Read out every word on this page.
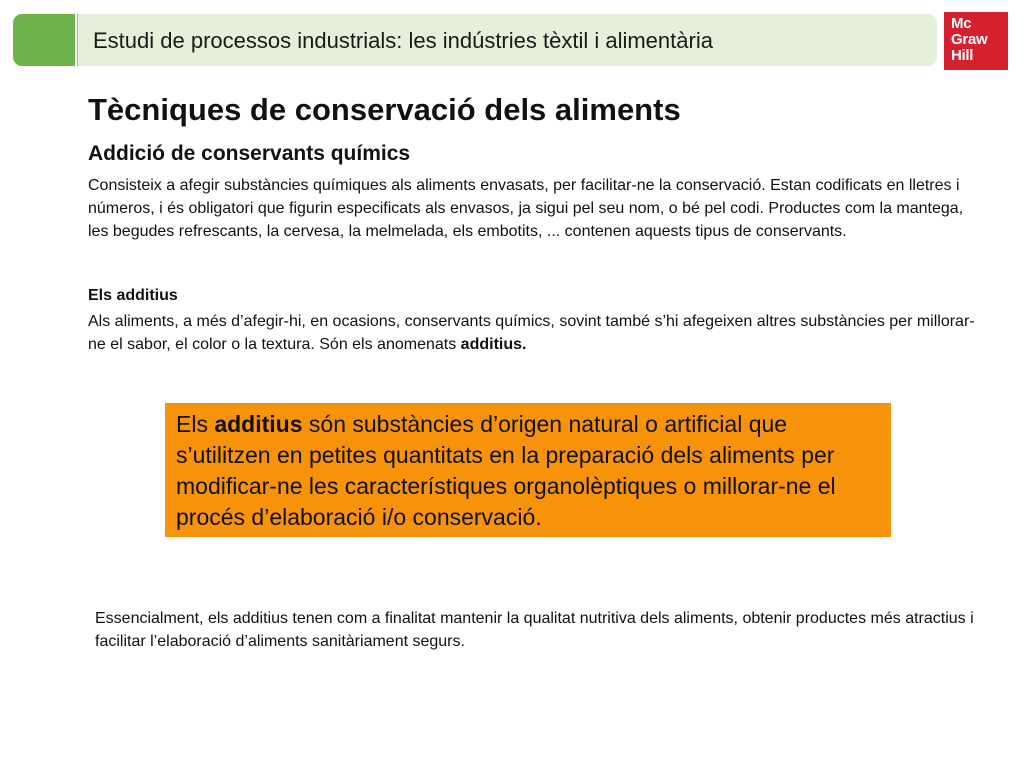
Estudi de processos industrials: les indústries tèxtil i alimentària
Mc
Graw
Hill
Tècniques de conservació dels aliments
Addició de conservants químics

Consisteix a afegir substàncies químiques als aliments envasats, per facilitar-ne la conservació. Estan codificats en lletres i números, i és obligatori que figurin especificats als envasos, ja sigui pel seu nom, o bé pel codi. Productes com la mantega, les begudes refrescants, la cervesa, la melmelada, els embotits, ... contenen aquests tipus de conservants.

Els additius

Als aliments, a més d’afegir-hi, en ocasions, conservants químics, sovint també s’hi afegeixen altres substàncies per millorar-ne el sabor, el color o la textura. Són els anomenats additius.

Els additius són substàncies d’origen natural o artificial que s’utilitzen en petites quantitats en la preparació dels aliments per modificar-ne les característiques organolèptiques o millorar-ne el procés d’elaboració i/o conservació.

Essencialment, els additius tenen com a finalitat mantenir la qualitat nutritiva dels aliments, obtenir productes més atractius i facilitar l’elaboració d’aliments sanitàriament segurs.
